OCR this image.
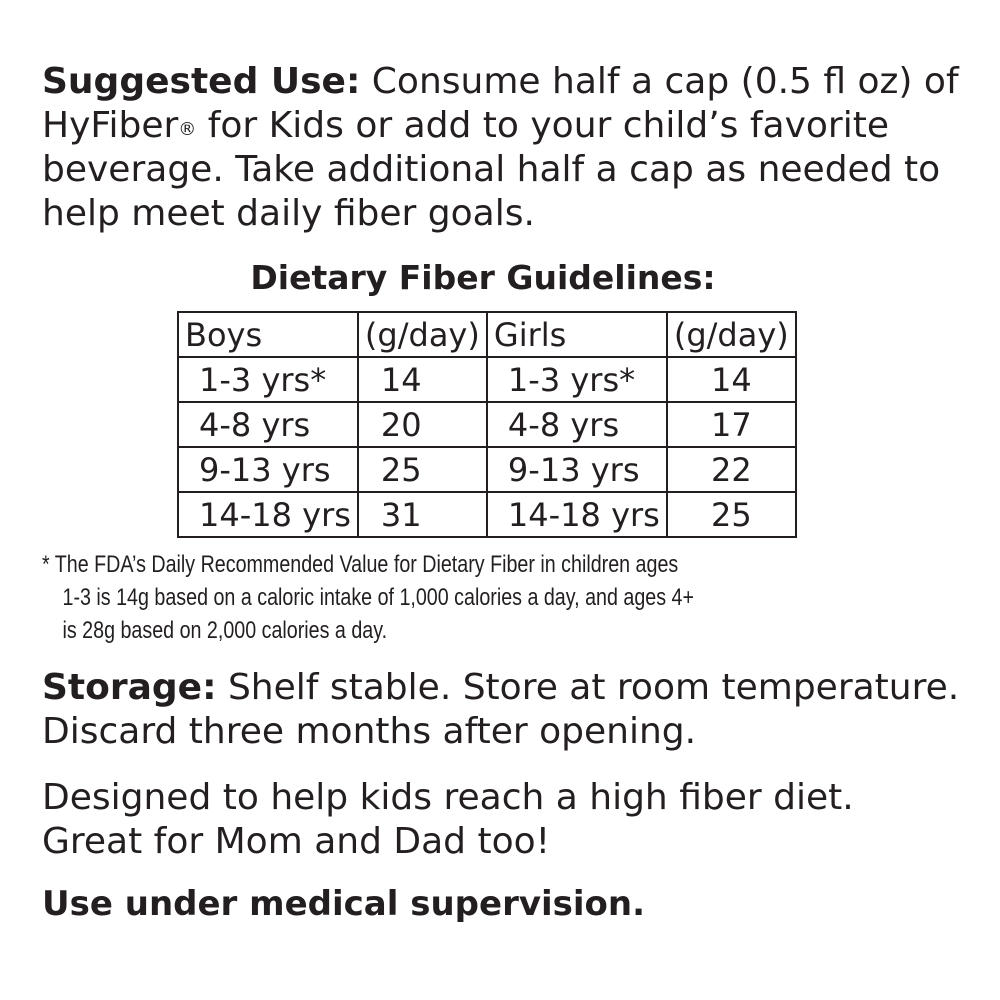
Suggested Use: Consume half a cap (0.5 fl oz) of HyFiber® for Kids or add to your child’s favorite beverage. Take additional half a cap as needed to help meet daily fiber goals.

Dietary Fiber Guidelines:

Boys	(g/day)	Girls	(g/day)
1-3 yrs*	14	1-3 yrs*	14
4-8 yrs	20	4-8 yrs	17
9-13 yrs	25	9-13 yrs	22
14-18 yrs	31	14-18 yrs	25

* The FDA’s Daily Recommended Value for Dietary Fiber in children ages
1-3 is 14g based on a caloric intake of 1,000 calories a day, and ages 4+
is 28g based on 2,000 calories a day.

Storage: Shelf stable. Store at room temperature. Discard three months after opening.

Designed to help kids reach a high fiber diet. Great for Mom and Dad too!

Use under medical supervision.
